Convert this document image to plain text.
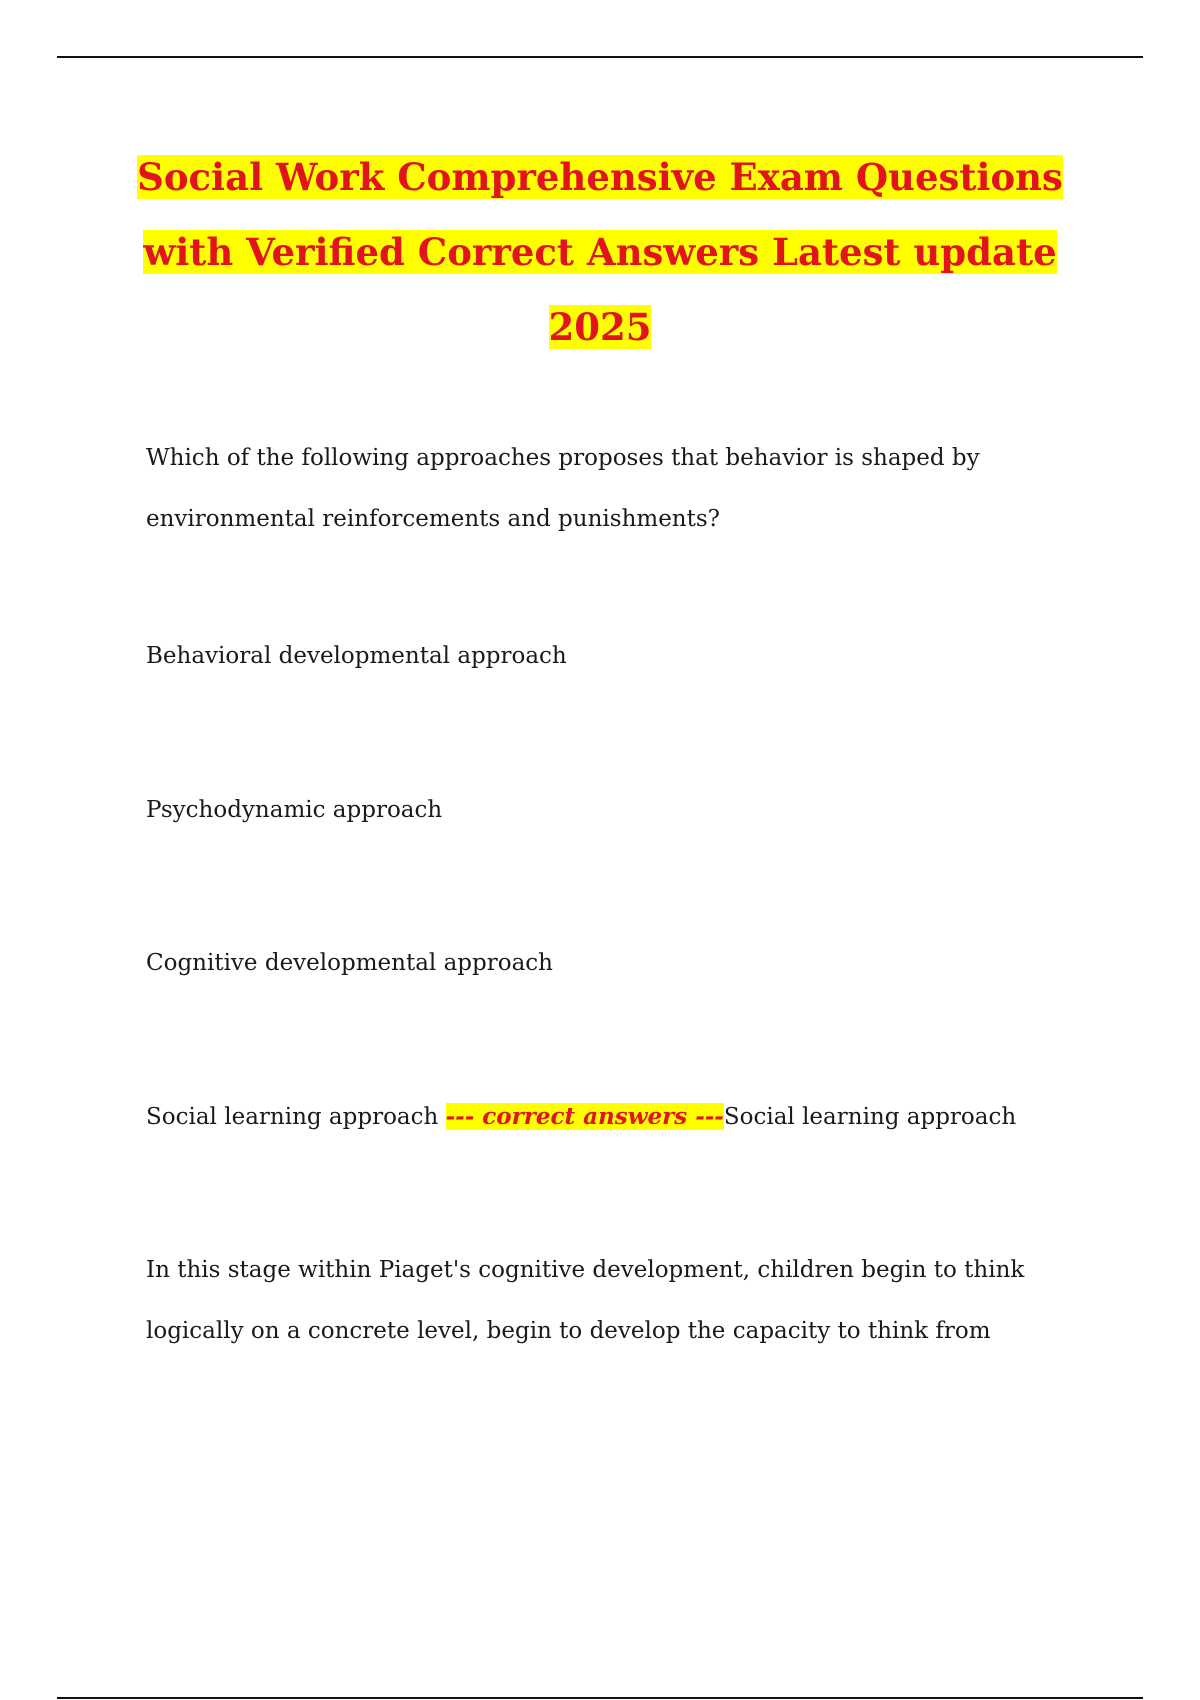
Social Work Comprehensive Exam Questions with Verified Correct Answers Latest update 2025

Which of the following approaches proposes that behavior is shaped by environmental reinforcements and punishments?

Behavioral developmental approach

Psychodynamic approach

Cognitive developmental approach

Social learning approach --- correct answers ---Social learning approach

In this stage within Piaget's cognitive development, children begin to think logically on a concrete level, begin to develop the capacity to think from
